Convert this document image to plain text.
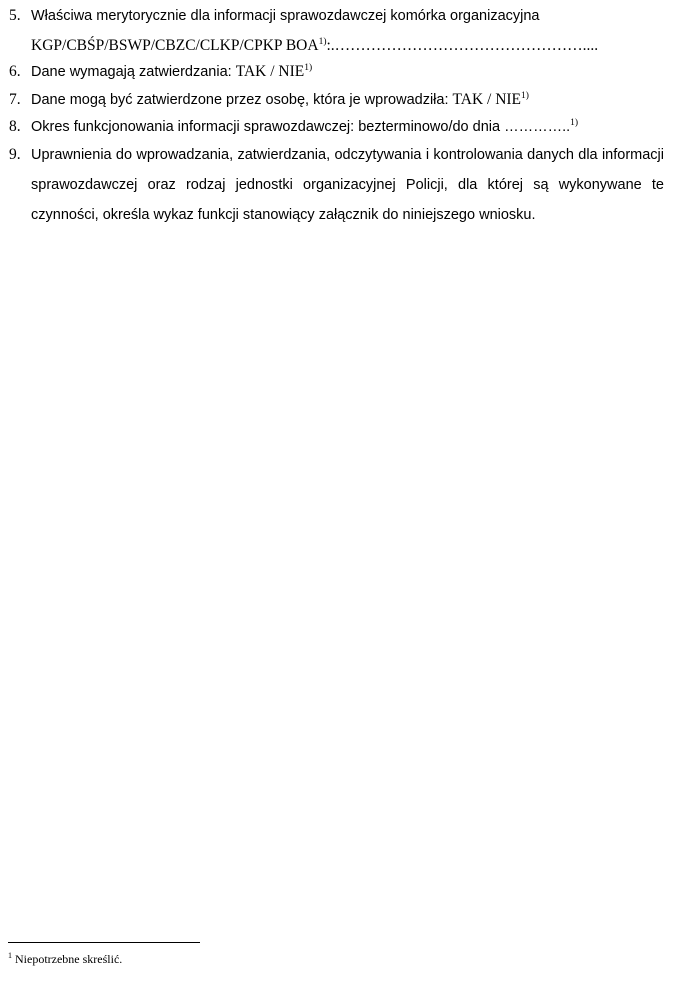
5. Właściwa merytorycznie dla informacji sprawozdawczej komórka organizacyjna
KGP/CBŚP/BSWP/CBZC/CLKP/CPKP BOA$^{1)}$:.…………………………………………....
6. Dane wymagają zatwierdzania: TAK / NIE$^{1)}$
7. Dane mogą być zatwierdzone przez osobę, która je wprowadziła: TAK / NIE$^{1)}$
8. Okres funkcjonowania informacji sprawozdawczej: bezterminowo/do dnia …………..$^{1)}$
9. Uprawnienia do wprowadzania, zatwierdzania, odczytywania i kontrolowania danych dla informacji sprawozdawczej oraz rodzaj jednostki organizacyjnej Policji, dla której są wykonywane te czynności, określa wykaz funkcji stanowiący załącznik do niniejszego wniosku.
$^1$ Niepotrzebne skreślić.
